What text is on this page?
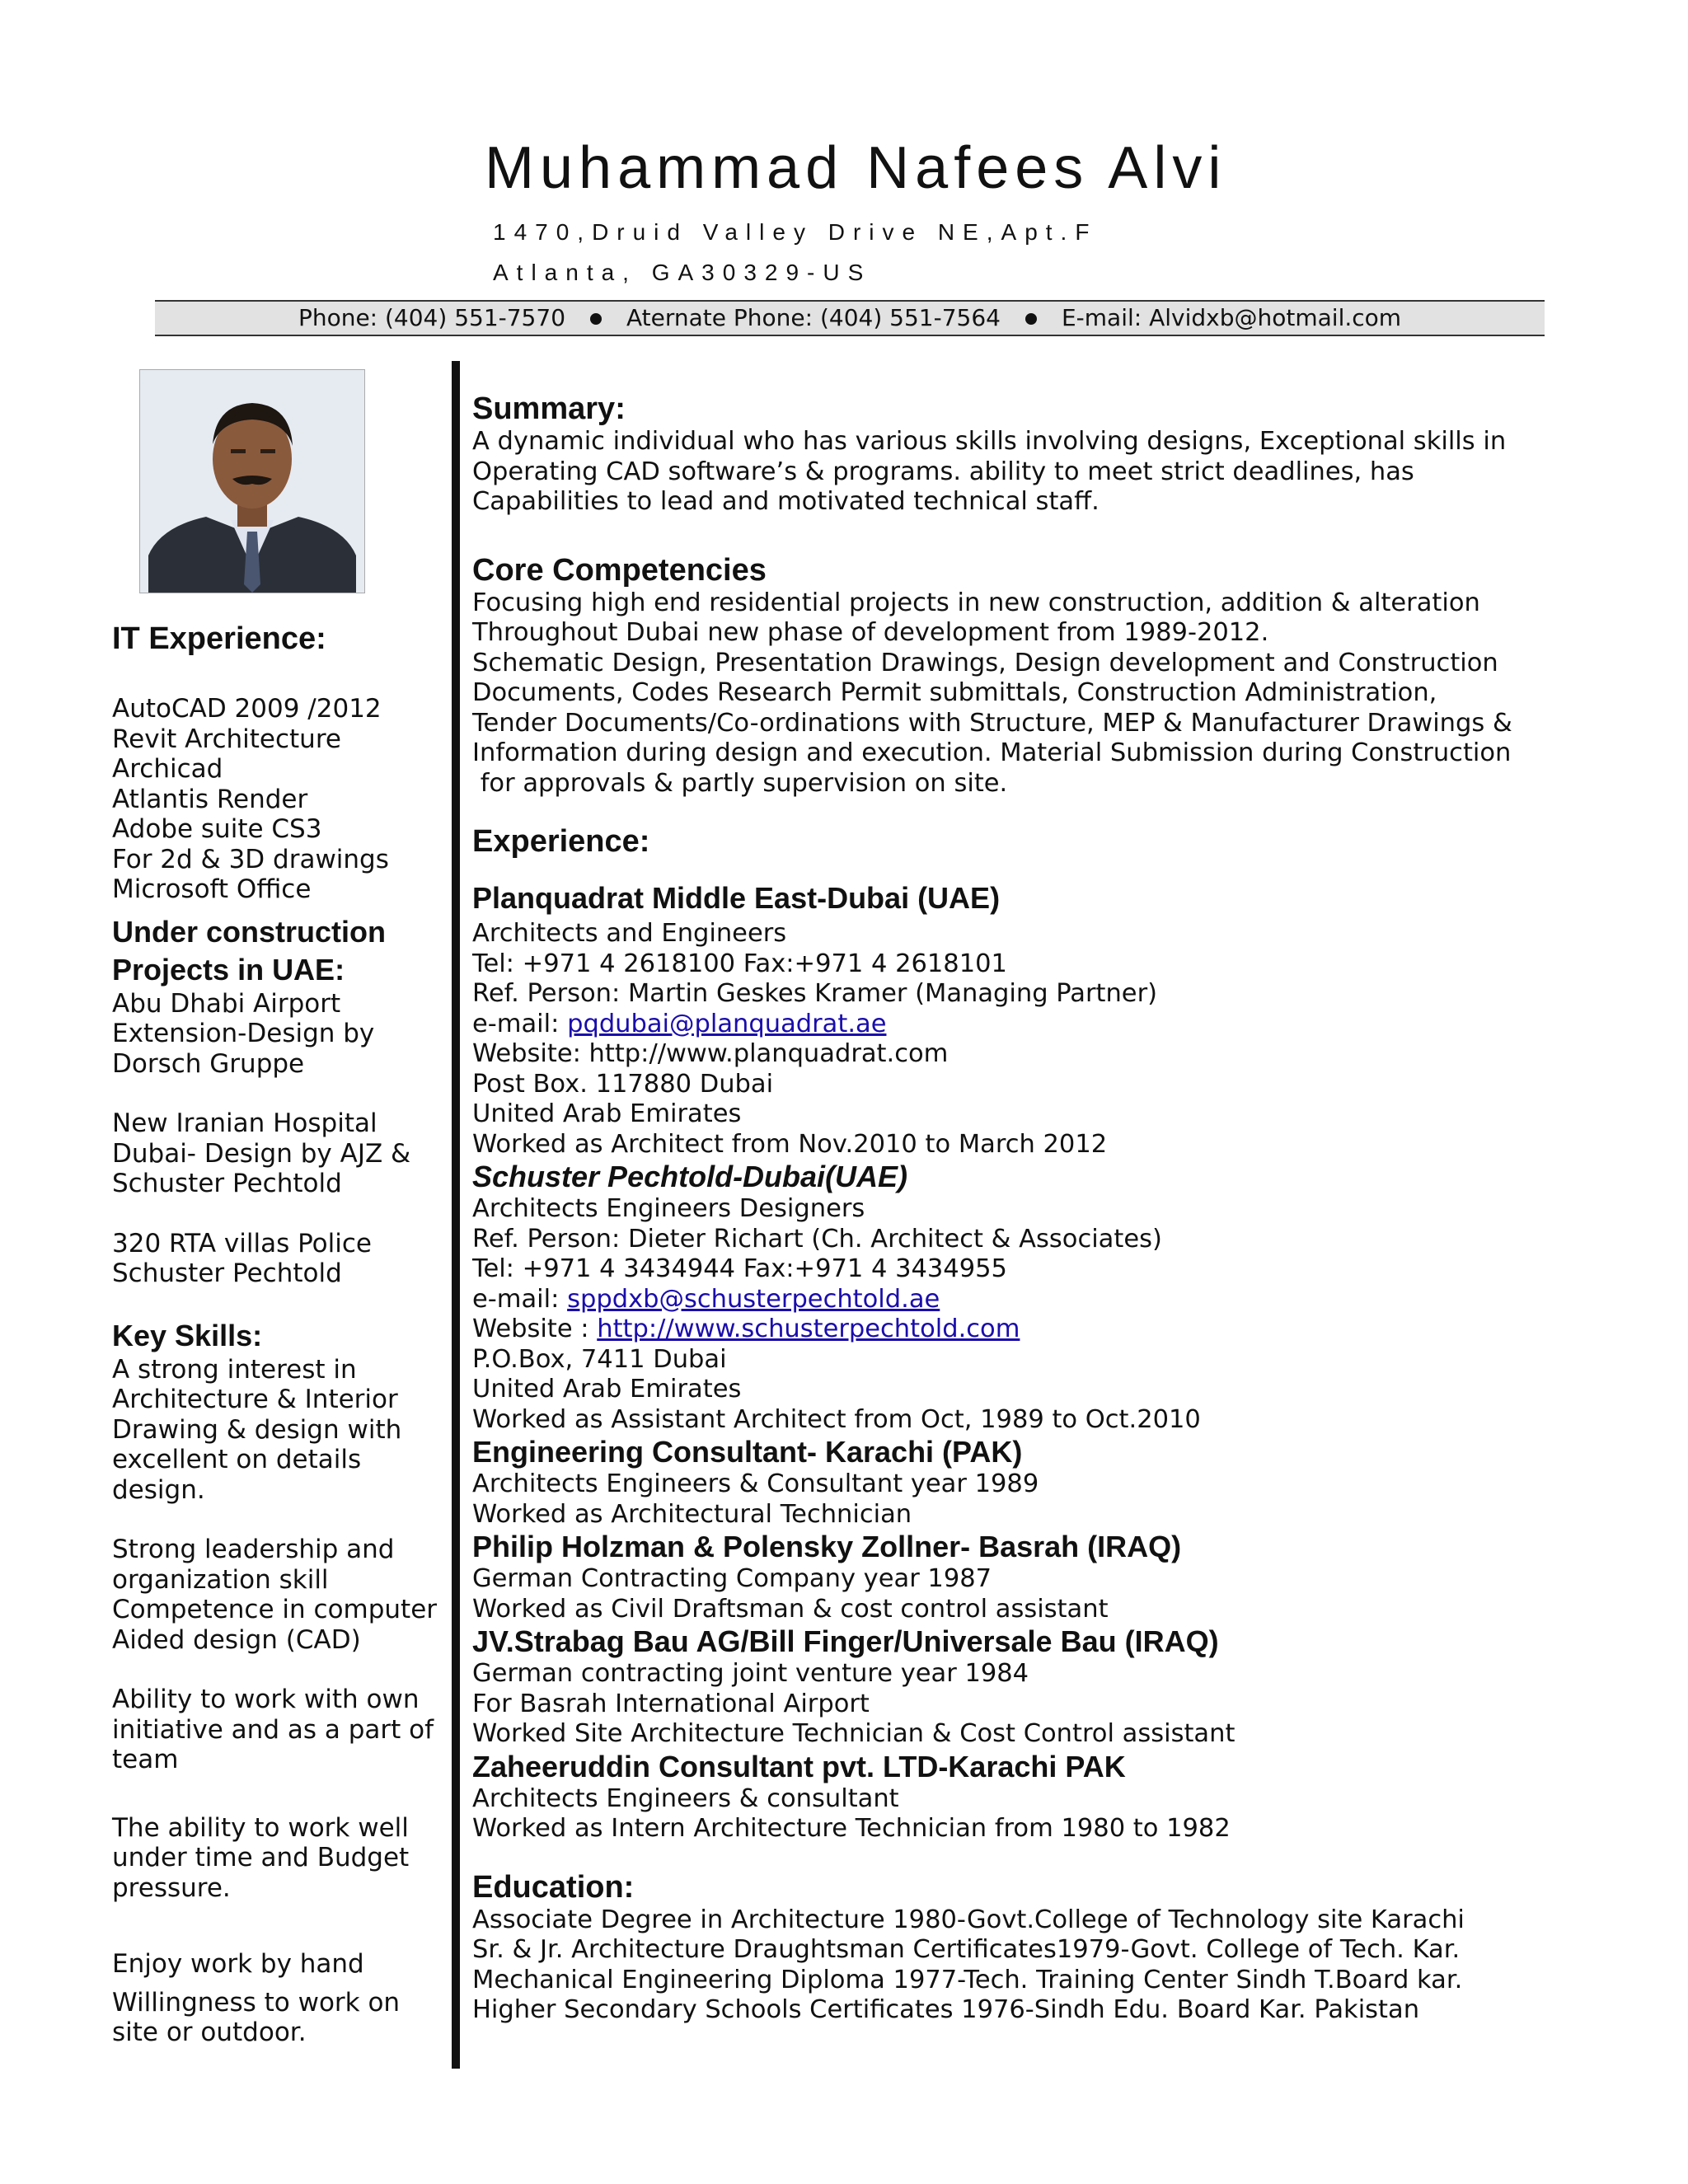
Muhammad Nafees Alvi
1470,Druid Valley Drive NE,Apt.F
Atlanta, GA30329-US
Phone: (404) 551-7570	Aternate Phone: (404) 551-7564	E-mail: Alvidxb@hotmail.com
IT Experience:
AutoCAD 2009 /2012
Revit Architecture
Archicad
Atlantis Render
Adobe suite CS3
For 2d & 3D drawings
Microsoft Office
Under construction
Projects in UAE:
Abu Dhabi Airport
Extension-Design by
Dorsch Gruppe
New Iranian Hospital
Dubai- Design by AJZ &
Schuster Pechtold
320 RTA villas Police
Schuster Pechtold
Key Skills:
A strong interest in
Architecture & Interior
Drawing & design with
excellent on details
design.
Strong leadership and
organization skill
Competence in computer
Aided design (CAD)
Ability to work with own
initiative and as a part of
team
The ability to work well
under time and Budget
pressure.
Enjoy work by hand
Willingness to work on
site or outdoor.
Summary:
A dynamic individual who has various skills involving designs, Exceptional skills in
Operating CAD software’s & programs. ability to meet strict deadlines, has
Capabilities to lead and motivated technical staff.
Core Competencies
Focusing high end residential projects in new construction, addition & alteration
Throughout Dubai new phase of development from 1989-2012.
Schematic Design, Presentation Drawings, Design development and Construction
Documents, Codes Research Permit submittals, Construction Administration,
Tender Documents/Co-ordinations with Structure, MEP & Manufacturer Drawings &
Information during design and execution. Material Submission during Construction
for approvals & partly supervision on site.
Experience:
Planquadrat Middle East-Dubai (UAE)
Architects and Engineers
Tel: +971 4 2618100 Fax:+971 4 2618101
Ref. Person: Martin Geskes Kramer (Managing Partner)
e-mail: pqdubai@planquadrat.ae
Website: http://www.planquadrat.com
Post Box. 117880 Dubai
United Arab Emirates
Worked as Architect from Nov.2010 to March 2012
Schuster Pechtold-Dubai(UAE)
Architects Engineers Designers
Ref. Person: Dieter Richart (Ch. Architect & Associates)
Tel: +971 4 3434944 Fax:+971 4 3434955
e-mail: sppdxb@schusterpechtold.ae
Website : http://www.schusterpechtold.com
P.O.Box, 7411 Dubai
United Arab Emirates
Worked as Assistant Architect from Oct, 1989 to Oct.2010
Engineering Consultant- Karachi (PAK)
Architects Engineers & Consultant year 1989
Worked as Architectural Technician
Philip Holzman & Polensky Zollner- Basrah (IRAQ)
German Contracting Company year 1987
Worked as Civil Draftsman & cost control assistant
JV.Strabag Bau AG/Bill Finger/Universale Bau (IRAQ)
German contracting joint venture year 1984
For Basrah International Airport
Worked Site Architecture Technician & Cost Control assistant
Zaheeruddin Consultant pvt. LTD-Karachi PAK
Architects Engineers & consultant
Worked as Intern Architecture Technician from 1980 to 1982
Education:
Associate Degree in Architecture 1980-Govt.College of Technology site Karachi
Sr. & Jr. Architecture Draughtsman Certificates1979-Govt. College of Tech. Kar.
Mechanical Engineering Diploma 1977-Tech. Training Center Sindh T.Board kar.
Higher Secondary Schools Certificates 1976-Sindh Edu. Board Kar. Pakistan
